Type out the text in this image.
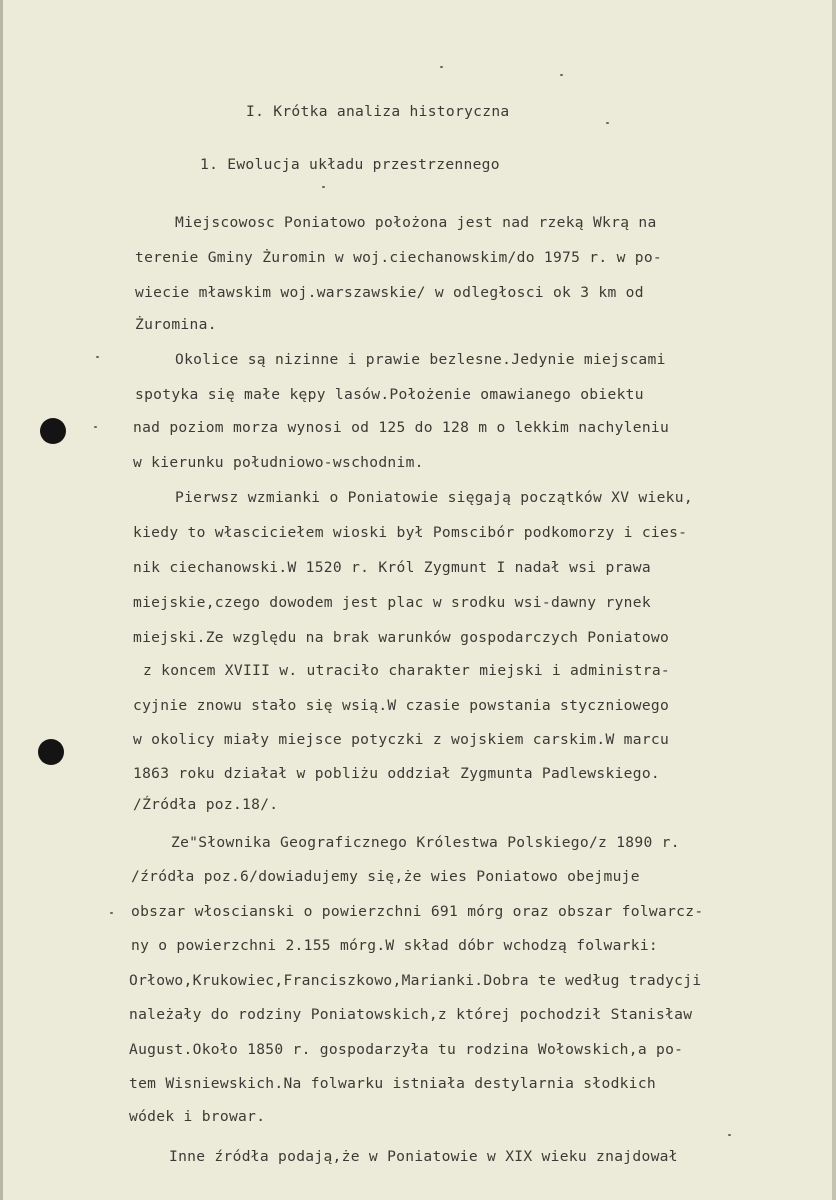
I. Krótka analiza historyczna

1. Ewolucja układu przestrzennego

Miejscowosc Poniatowo położona jest nad rzeką Wkrą na

terenie Gminy Żuromin w woj.ciechanowskim/do 1975 r. w po-

wiecie mławskim woj.warszawskie/ w odległosci ok 3 km od

Żuromina.

Okolice są nizinne i prawie bezlesne.Jedynie miejscami

spotyka się małe kępy lasów.Położenie omawianego obiektu

nad poziom morza wynosi od 125 do 128 m o lekkim nachyleniu

w kierunku południowo-wschodnim.

Pierwsz wzmianki o Poniatowie sięgają początków XV wieku,

kiedy to własciciełem wioski był Pomscibór podkomorzy i cies-

nik ciechanowski.W 1520 r. Król Zygmunt I nadał wsi prawa

miejskie,czego dowodem jest plac w srodku wsi-dawny rynek

miejski.Ze względu na brak warunków gospodarczych Poniatowo

z koncem XVIII w. utraciło charakter miejski i administra-

cyjnie znowu stało się wsią.W czasie powstania styczniowego

w okolicy miały miejsce potyczki z wojskiem carskim.W marcu

1863 roku działał w pobliżu oddział Zygmunta Padlewskiego.

/Źródła poz.18/.

Ze"Słownika Geograficznego Królestwa Polskiego/z 1890 r.

/źródła poz.6/dowiadujemy się,że wies Poniatowo obejmuje

obszar włoscianski o powierzchni 691 mórg oraz obszar folwarcz-

ny o powierzchni 2.155 mórg.W skład dóbr wchodzą folwarki:

Orłowo,Krukowiec,Franciszkowo,Marianki.Dobra te według tradycji

należały do rodziny Poniatowskich,z której pochodził Stanisław

August.Około 1850 r. gospodarzyła tu rodzina Wołowskich,a po-

tem Wisniewskich.Na folwarku istniała destylarnia słodkich

wódek i browar.

Inne źródła podają,że w Poniatowie w XIX wieku znajdował
